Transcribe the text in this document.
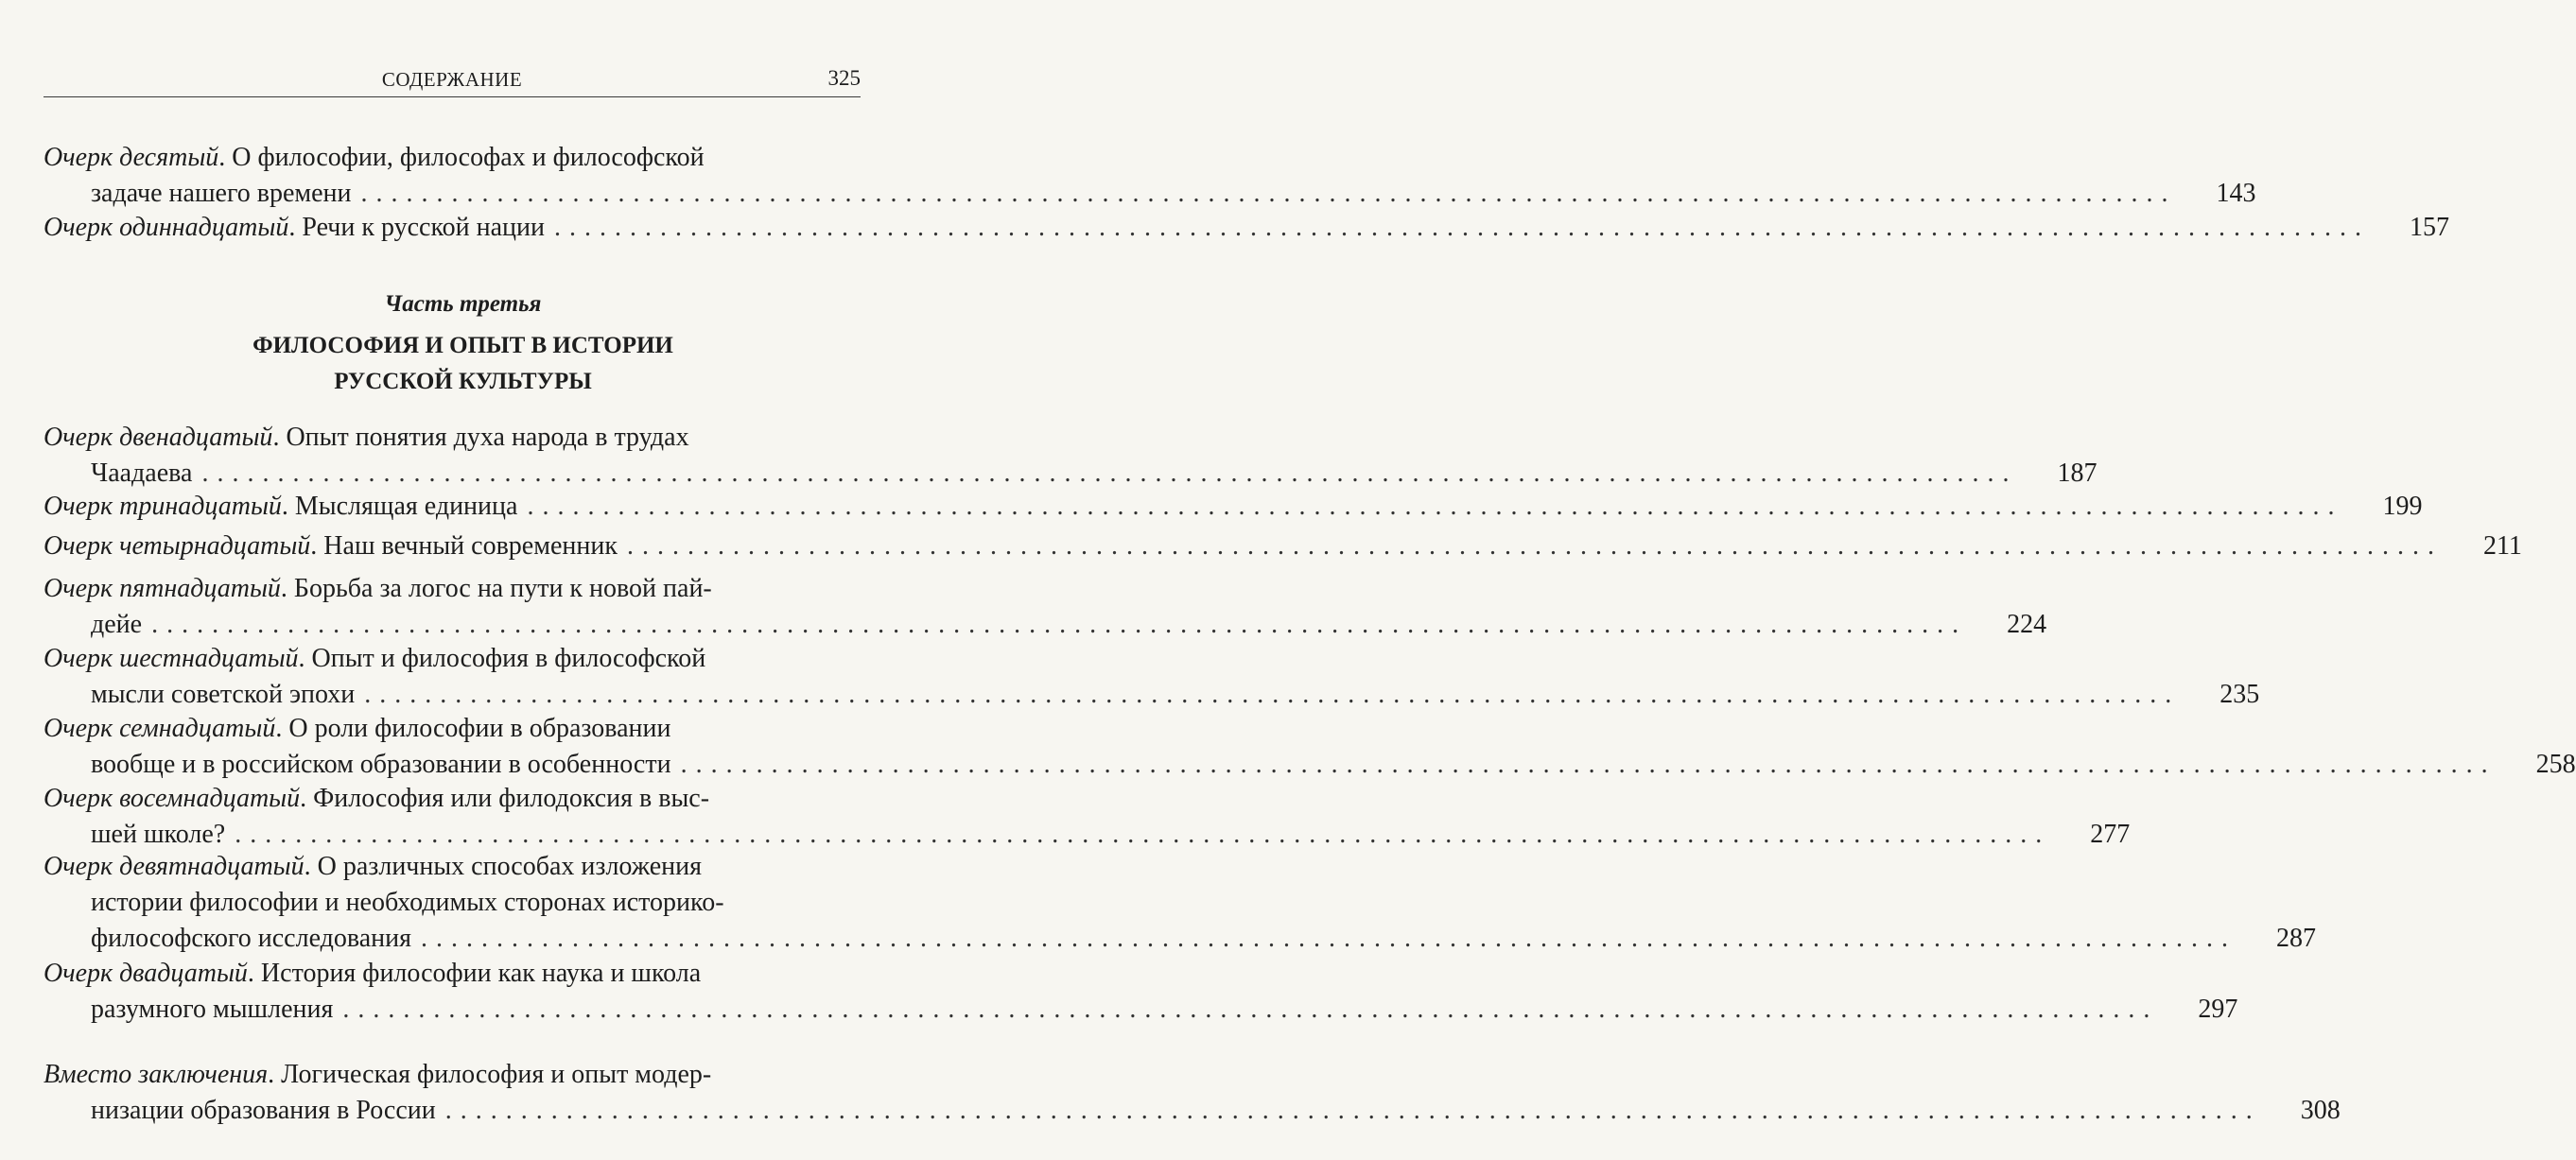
СОДЕРЖАНИЕ	325
Очерк десятый . О философии, философах и философской
задаче нашего времени ........................................................................................................................	143
Очерк одиннадцатый . Речи к русской нации ........................................................................................................................	157
Часть третья
ФИЛОСОФИЯ И ОПЫТ В ИСТОРИИ
РУССКОЙ КУЛЬТУРЫ
Очерк двенадцатый . Опыт понятия духа народа в трудах
Чаадаева ........................................................................................................................	187
Очерк тринадцатый . Мыслящая единица ........................................................................................................................	199
Очерк четырнадцатый . Наш вечный современник ........................................................................................................................	211
Очерк пятнадцатый . Борьба за логос на пути к новой пай-
дейе ........................................................................................................................	224
Очерк шестнадцатый . Опыт и философия в философской
мысли советской эпохи ........................................................................................................................	235
Очерк семнадцатый . О роли философии в образовании
вообще и в российском образовании в особенности ........................................................................................................................	258
Очерк восемнадцатый . Философия или филодоксия в выс-
шей школе? ........................................................................................................................	277
Очерк девятнадцатый . О различных способах изложения
истории философии и необходимых сторонах историко-
философского исследования ........................................................................................................................	287
Очерк двадцатый . История философии как наука и школа
разумного мышления ........................................................................................................................	297
Вместо заключения . Логическая философия и опыт модер-
низации образования в России ........................................................................................................................	308
